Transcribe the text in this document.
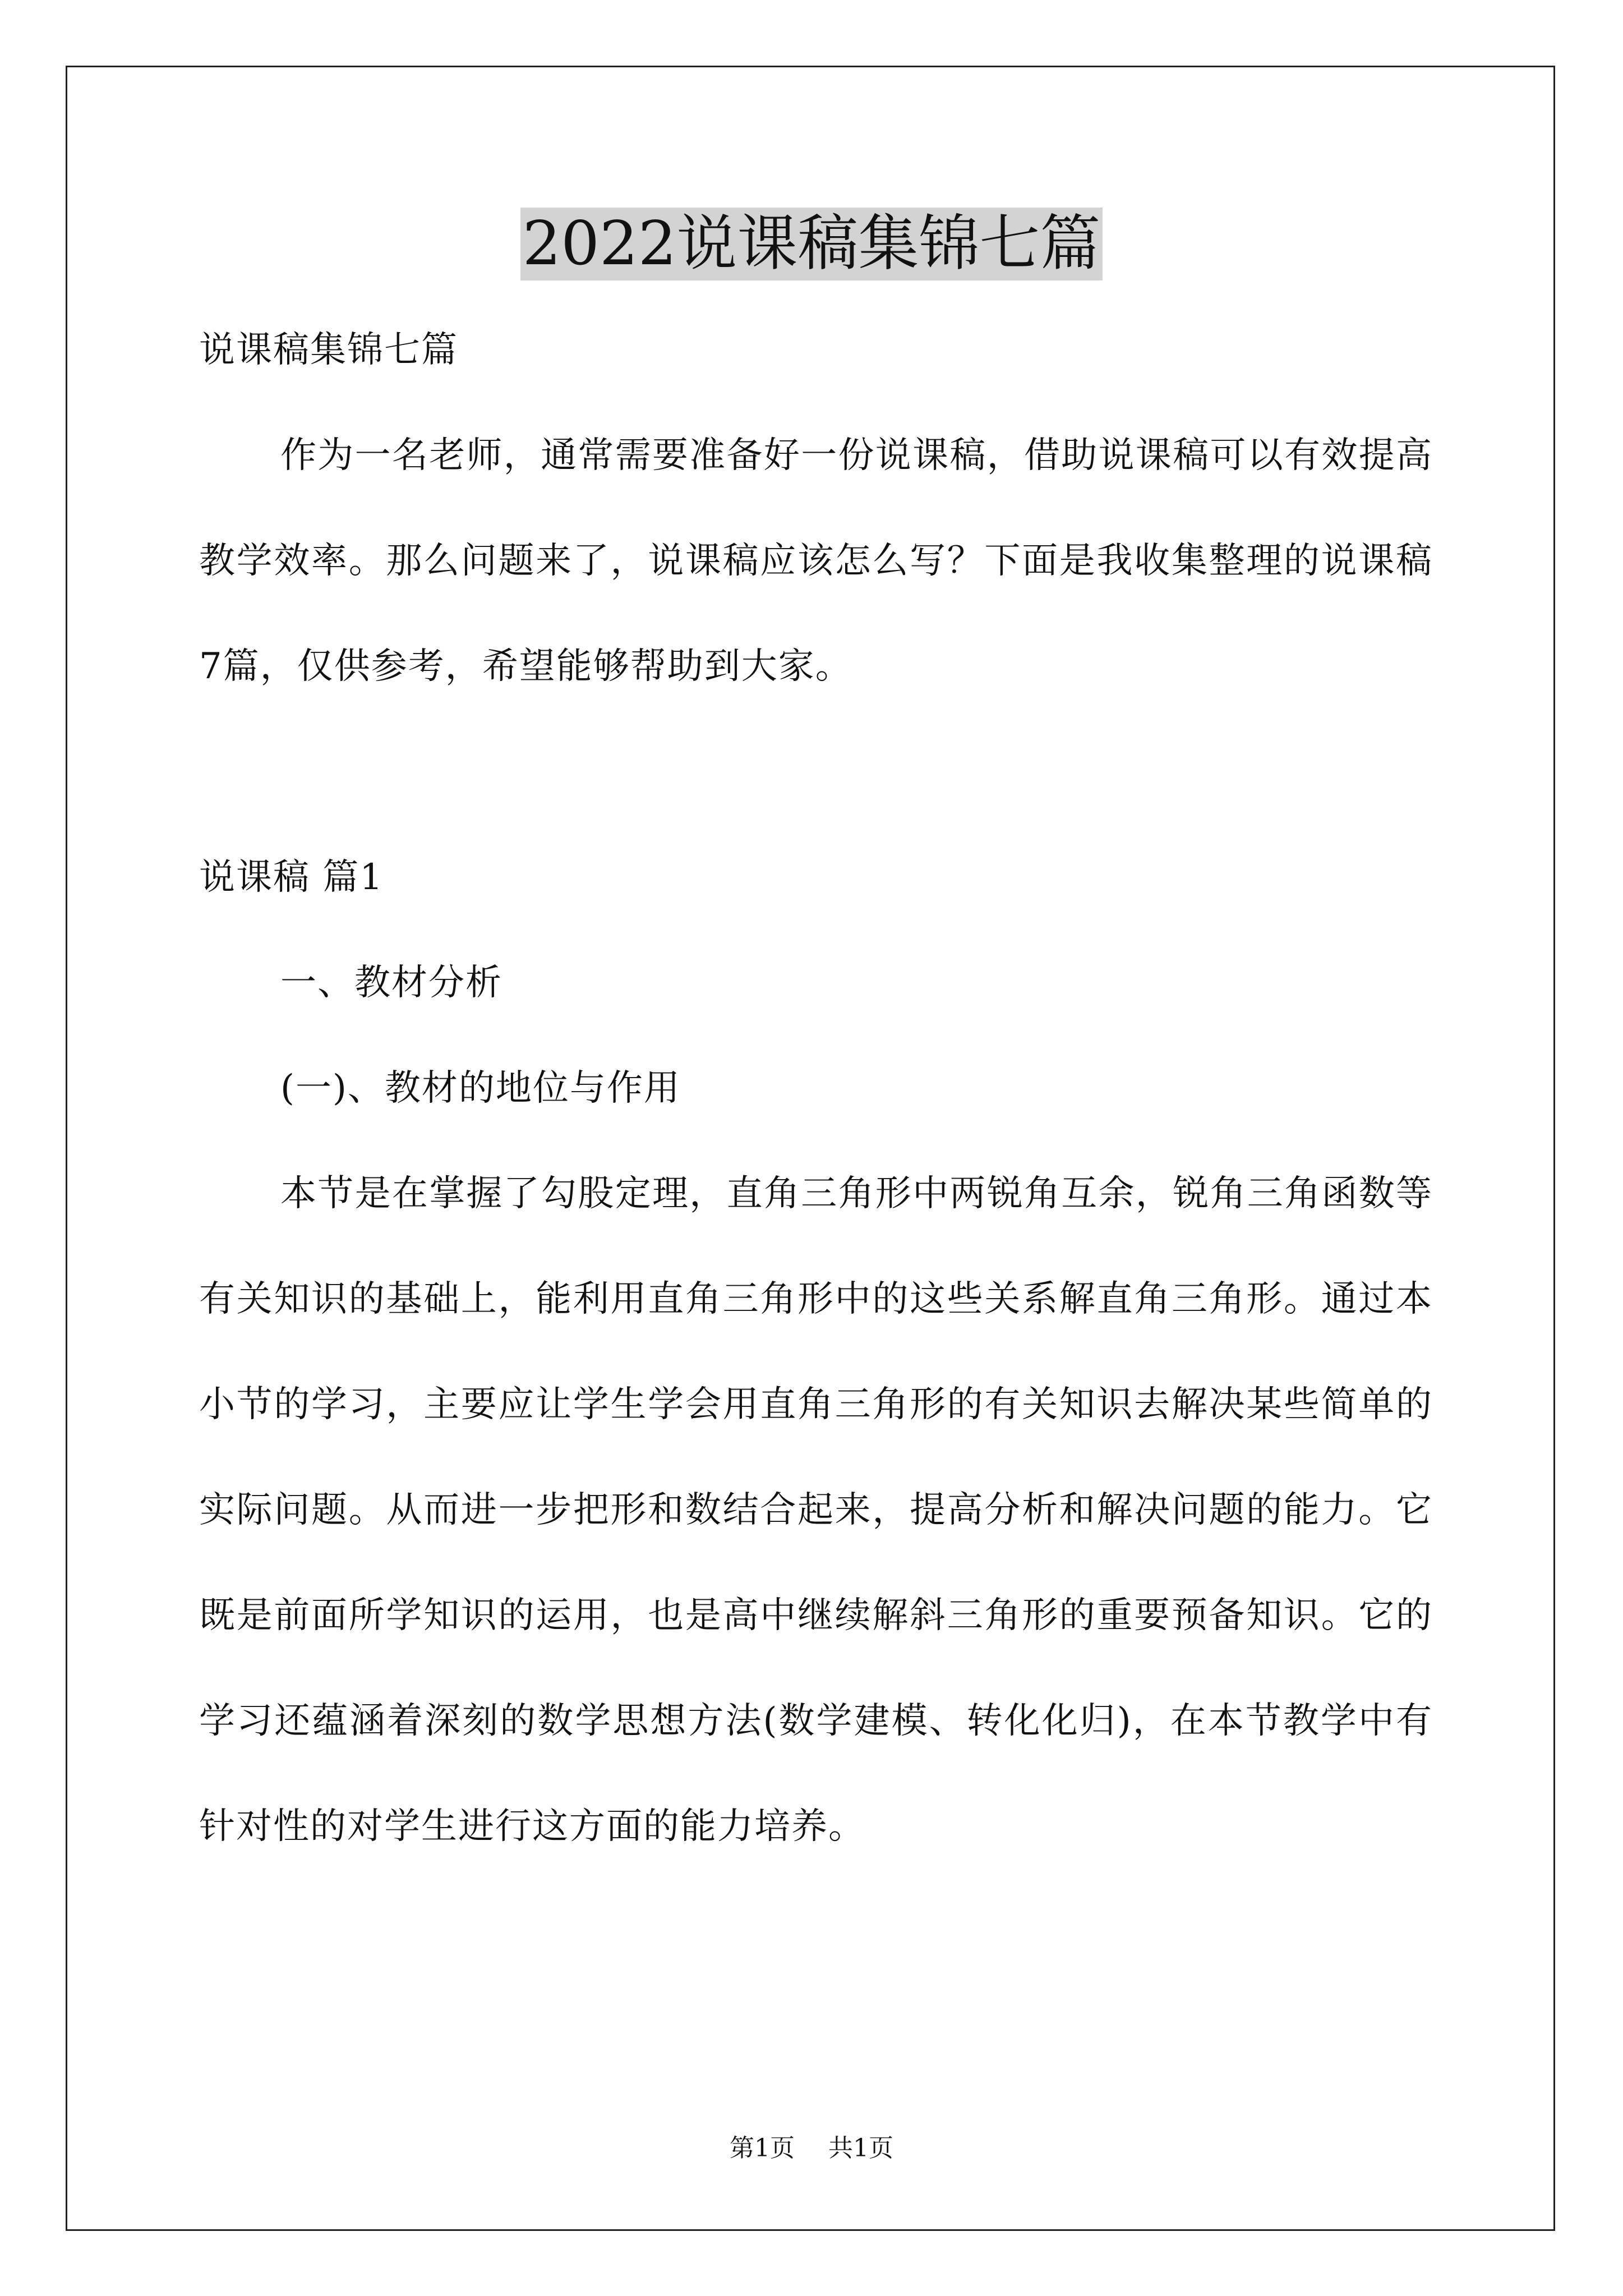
2022说课稿集锦七篇

说课稿集锦七篇

作为一名老师，通常需要准备好一份说课稿，借助说课稿可以有效提高教学效率。那么问题来了，说课稿应该怎么写？下面是我收集整理的说课稿7篇，仅供参考，希望能够帮助到大家。

说课稿 篇1

一、教材分析

(一)、教材的地位与作用

本节是在掌握了勾股定理，直角三角形中两锐角互余，锐角三角函数等有关知识的基础上，能利用直角三角形中的这些关系解直角三角形。通过本小节的学习，主要应让学生学会用直角三角形的有关知识去解决某些简单的实际问题。从而进一步把形和数结合起来，提高分析和解决问题的能力。它既是前面所学知识的运用，也是高中继续解斜三角形的重要预备知识。它的学习还蕴涵着深刻的数学思想方法(数学建模、转化化归)，在本节教学中有针对性的对学生进行这方面的能力培养。

第1页 共1页
